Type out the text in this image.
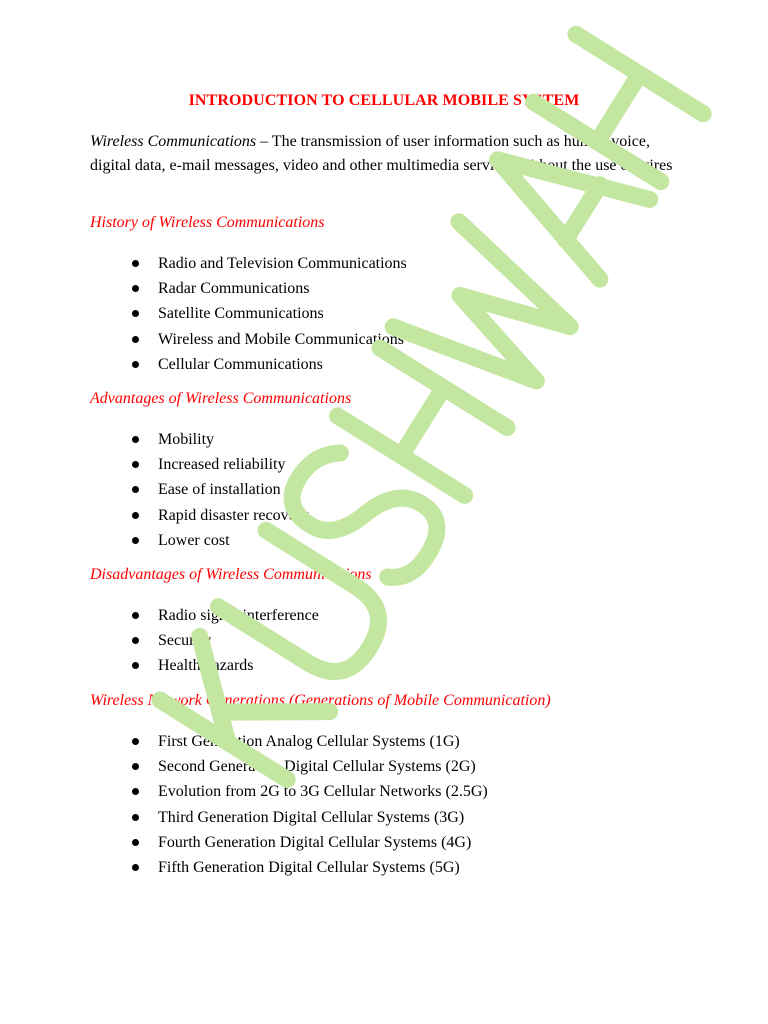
INTRODUCTION TO CELLULAR MOBILE SYSTEM
Wireless Communications – The transmission of user information such as human voice, digital data, e-mail messages, video and other multimedia services without the use of wires
History of Wireless Communications
Radio and Television Communications
Radar Communications
Satellite Communications
Wireless and Mobile Communications
Cellular Communications
Advantages of Wireless Communications
Mobility
Increased reliability
Ease of installation
Rapid disaster recovery
Lower cost
Disadvantages of Wireless Communications
Radio signal interference
Security
Health hazards
Wireless Network Generations (Generations of Mobile Communication)
First Generation Analog Cellular Systems (1G)
Second Generation Digital Cellular Systems (2G)
Evolution from 2G to 3G Cellular Networks (2.5G)
Third Generation Digital Cellular Systems (3G)
Fourth Generation Digital Cellular Systems (4G)
Fifth Generation Digital Cellular Systems (5G)
